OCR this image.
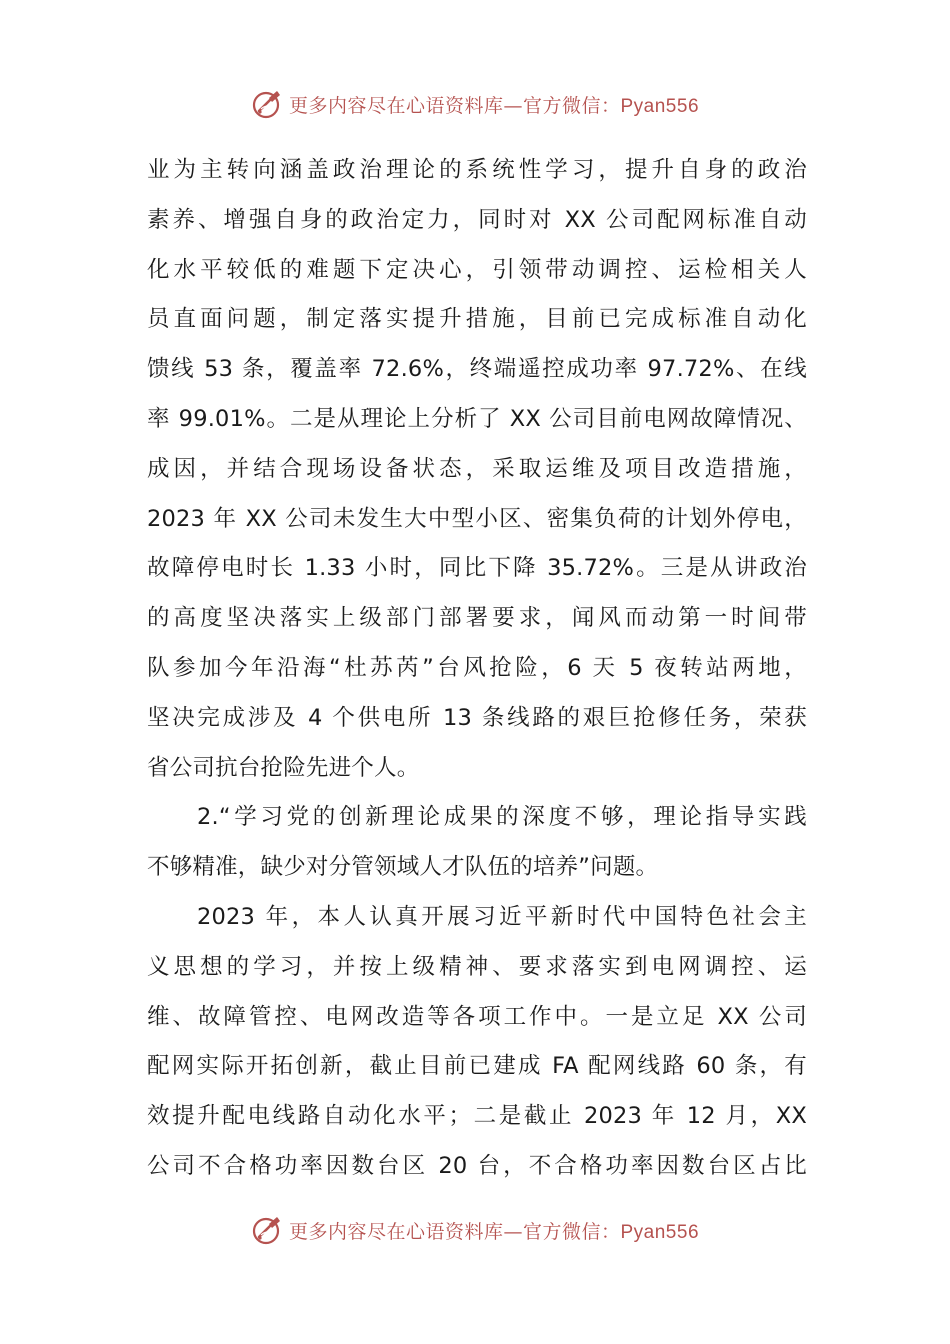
更多内容尽在心语资料库—官方微信：Pyan556
业为主转向涵盖政治理论的系统性学习，提升自身的政治
素养、增强自身的政治定力，同时对 XX 公司配网标准自动
化水平较低的难题下定决心，引领带动调控、运检相关人
员直面问题，制定落实提升措施，目前已完成标准自动化
馈线 53 条，覆盖率 72.6%，终端遥控成功率 97.72%、在线
率 99.01%。二是从理论上分析了 XX 公司目前电网故障情况、
成因，并结合现场设备状态，采取运维及项目改造措施，
2023 年 XX 公司未发生大中型小区、密集负荷的计划外停电，
故障停电时长 1.33 小时，同比下降 35.72%。三是从讲政治
的高度坚决落实上级部门部署要求，闻风而动第一时间带
队参加今年沿海“杜苏芮”台风抢险，6 天 5 夜转站两地，
坚决完成涉及 4 个供电所 13 条线路的艰巨抢修任务，荣获
省公司抗台抢险先进个人。
2.“学习党的创新理论成果的深度不够，理论指导实践
不够精准，缺少对分管领域人才队伍的培养”问题。
2023 年，本人认真开展习近平新时代中国特色社会主
义思想的学习，并按上级精神、要求落实到电网调控、运
维、故障管控、电网改造等各项工作中。一是立足 XX 公司
配网实际开拓创新，截止目前已建成 FA 配网线路 60 条，有
效提升配电线路自动化水平；二是截止 2023 年 12 月，XX
公司不合格功率因数台区 20 台，不合格功率因数台区占比
更多内容尽在心语资料库—官方微信：Pyan556
